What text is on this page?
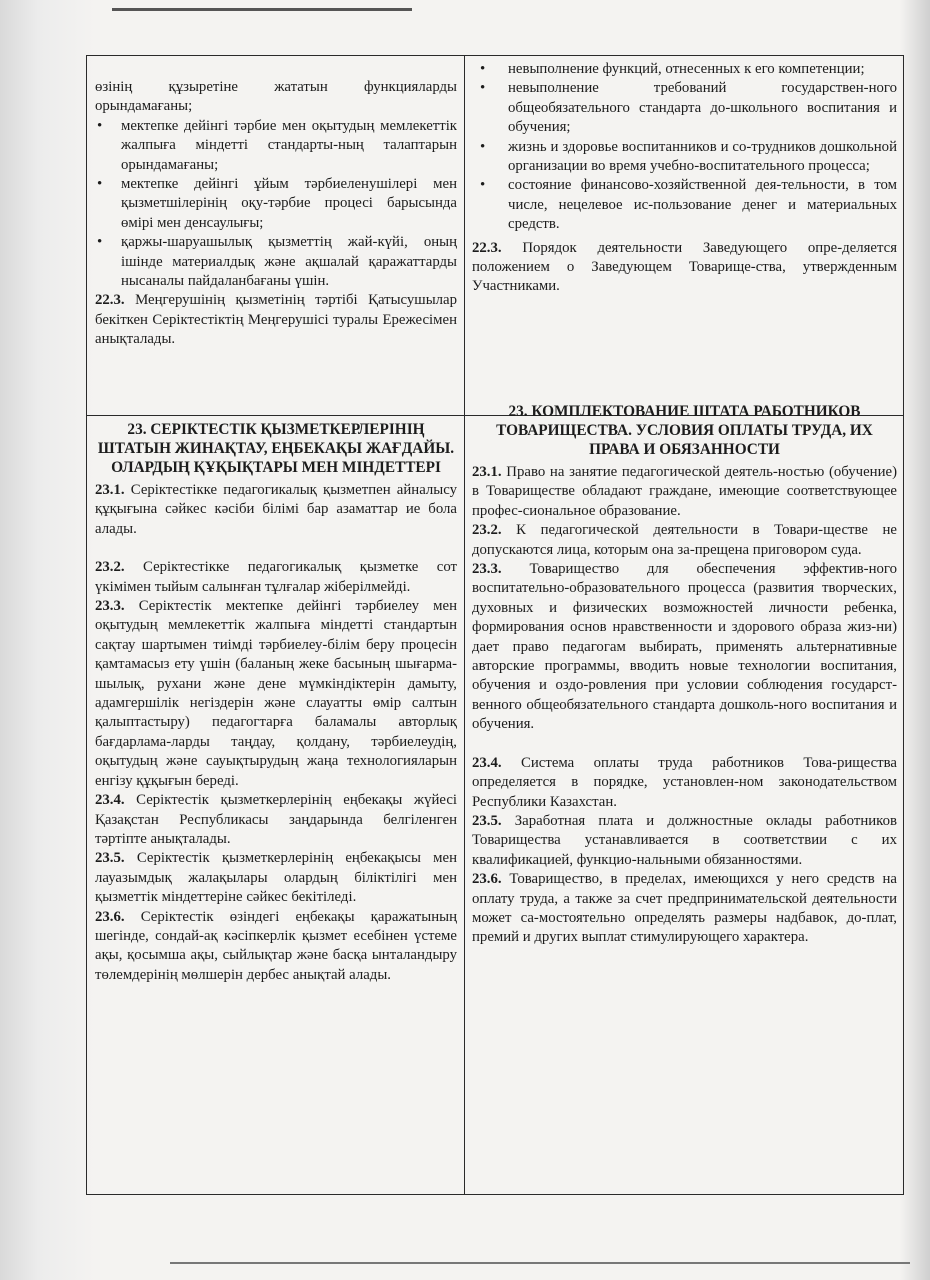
өзінің құзыретіне жататын функцияларды орындамағаны;

• мектепке дейінгі тәрбие мен оқытудың мемлекеттік жалпыға міндетті стандарты-ның талаптарын орындамағаны;
• мектепке дейінгі ұйым тәрбиеленушілері мен қызметшілерінің оқу-тәрбие процесі барысында өмірі мен денсаулығы;
• қаржы-шаруашылық қызметтің жай-күйі, оның ішінде материалдық және ақшалай қаражаттарды нысаналы пайдаланбағаны үшін.

22.3. Меңгерушінің қызметінің тәртібі Қатысушылар бекіткен Серіктестіктің Меңгерушісі туралы Ережесімен анықталады.

• невыполнение функций, отнесенных к его компетенции;
• невыполнение требований государствен-ного общеобязательного стандарта до-школьного воспитания и обучения;
• жизнь и здоровье воспитанников и со-трудников дошкольной организации во время учебно-воспитательного процесса;
• состояние финансово-хозяйственной дея-тельности, в том числе, нецелевое ис-пользование денег и материальных средств.

22.3. Порядок деятельности Заведующего опре-деляется положением о Заведующем Товарище-ства, утвержденным Участниками.

23. СЕРІКТЕСТІК ҚЫЗМЕТКЕРЛЕРІНІҢ ШТАТЫН ЖИНАҚТАУ, ЕҢБЕКАҚЫ ЖАҒДАЙЫ. ОЛАРДЫҢ ҚҰҚЫҚТАРЫ МЕН МІНДЕТТЕРІ

23.1. Серіктестікке педагогикалық қызметпен айналысу құқығына сәйкес кәсіби білімі бар азаматтар ие бола алады.

23.2. Серіктестікке педагогикалық қызметке сот үкімімен тыйым салынған тұлғалар жіберілмейді.

23.3. Серіктестік мектепке дейінгі тәрбиелеу мен оқытудың мемлекеттік жалпыға міндетті стандартын сақтау шартымен тиімді тәрбиелеу-білім беру процесін қамтамасыз ету үшін (баланың жеке басының шығарма-шылық, рухани және дене мүмкіндіктерін дамыту, адамгершілік негіздерін және слауатты өмір салтын қалыптастыру) педагогтарға баламалы авторлық бағдарлама-ларды таңдау, қолдану, тәрбиелеудің, оқытудың және сауықтырудың жаңа технологияларын енгізу құқығын береді.

23.4. Серіктестік қызметкерлерінің еңбекақы жүйесі Қазақстан Республикасы заңдарында белгіленген тәртіпте анықталады.

23.5. Серіктестік қызметкерлерінің еңбекақысы мен лауазымдық жалақылары олардың біліктілігі мен қызметтік міндеттеріне сәйкес бекітіледі.

23.6. Серіктестік өзіндегі еңбекақы қаражатының шегінде, сондай-ақ кәсіпкерлік қызмет есебінен үстеме ақы, қосымша ақы, сыйлықтар және басқа ынталандыру төлемдерінің мөлшерін дербес анықтай алады.

23. КОМПЛЕКТОВАНИЕ ШТАТА РАБОТНИКОВ ТОВАРИЩЕСТВА. УСЛОВИЯ ОПЛАТЫ ТРУДА, ИХ ПРАВА И ОБЯЗАННОСТИ

23.1. Право на занятие педагогической деятель-ностью (обучение) в Товариществе обладают граждане, имеющие соответствующее профес-сиональное образование.

23.2. К педагогической деятельности в Товари-ществе не допускаются лица, которым она за-прещена приговором суда.

23.3. Товарищество для обеспечения эффектив-ного воспитательно-образовательного процесса (развития творческих, духовных и физических возможностей личности ребенка, формирования основ нравственности и здорового образа жиз-ни) дает право педагогам выбирать, применять альтернативные авторские программы, вводить новые технологии воспитания, обучения и оздо-ровления при условии соблюдения государст-венного общеобязательного стандарта дошколь-ного воспитания и обучения.

23.4. Система оплаты труда работников Това-рищества определяется в порядке, установлен-ном законодательством Республики Казахстан.

23.5. Заработная плата и должностные оклады работников Товарищества устанавливается в соответствии с их квалификацией, функцио-нальными обязанностями.

23.6. Товарищество, в пределах, имеющихся у него средств на оплату труда, а также за счет предпринимательской деятельности может са-мостоятельно определять размеры надбавок, до-плат, премий и других выплат стимулирующего характера.
